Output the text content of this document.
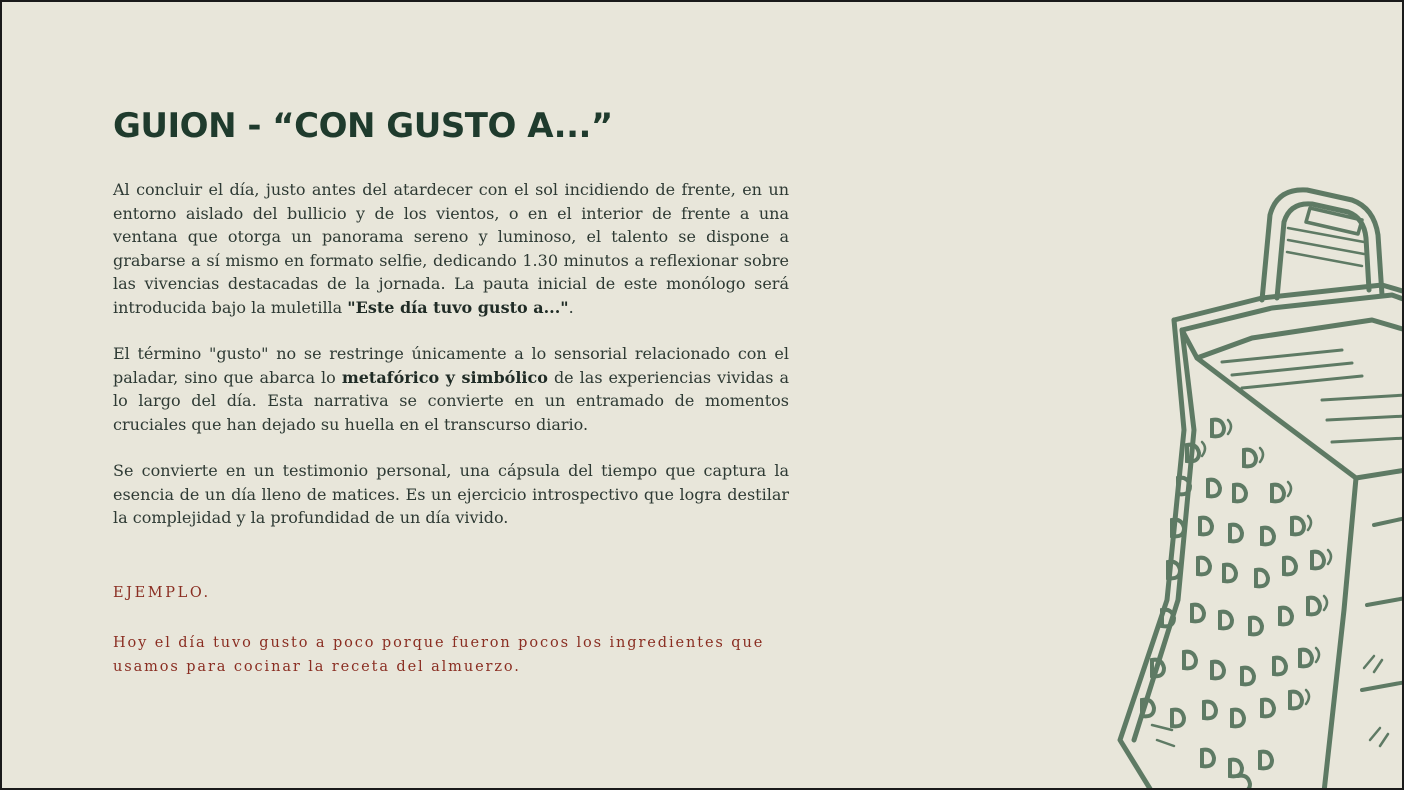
GUION - “CON GUSTO A...”

Al concluir el día, justo antes del atardecer con el sol incidiendo de frente, en un entorno aislado del bullicio y de los vientos, o en el interior de frente a una ventana que otorga un panorama sereno y luminoso, el talento se dispone a grabarse a sí mismo en formato selfie, dedicando 1.30 minutos a reflexionar sobre las vivencias destacadas de la jornada. La pauta inicial de este monólogo será introducida bajo la muletilla "Este día tuvo gusto a...".

El término "gusto" no se restringe únicamente a lo sensorial relacionado con el paladar, sino que abarca lo metafórico y simbólico de las experiencias vividas a lo largo del día. Esta narrativa se convierte en un entramado de momentos cruciales que han dejado su huella en el transcurso diario.

Se convierte en un testimonio personal, una cápsula del tiempo que captura la esencia de un día lleno de matices. Es un ejercicio introspectivo que logra destilar la complejidad y la profundidad de un día vivido.

EJEMPLO.

Hoy el día tuvo gusto a poco porque fueron pocos los ingredientes que usamos para cocinar la receta del almuerzo.
